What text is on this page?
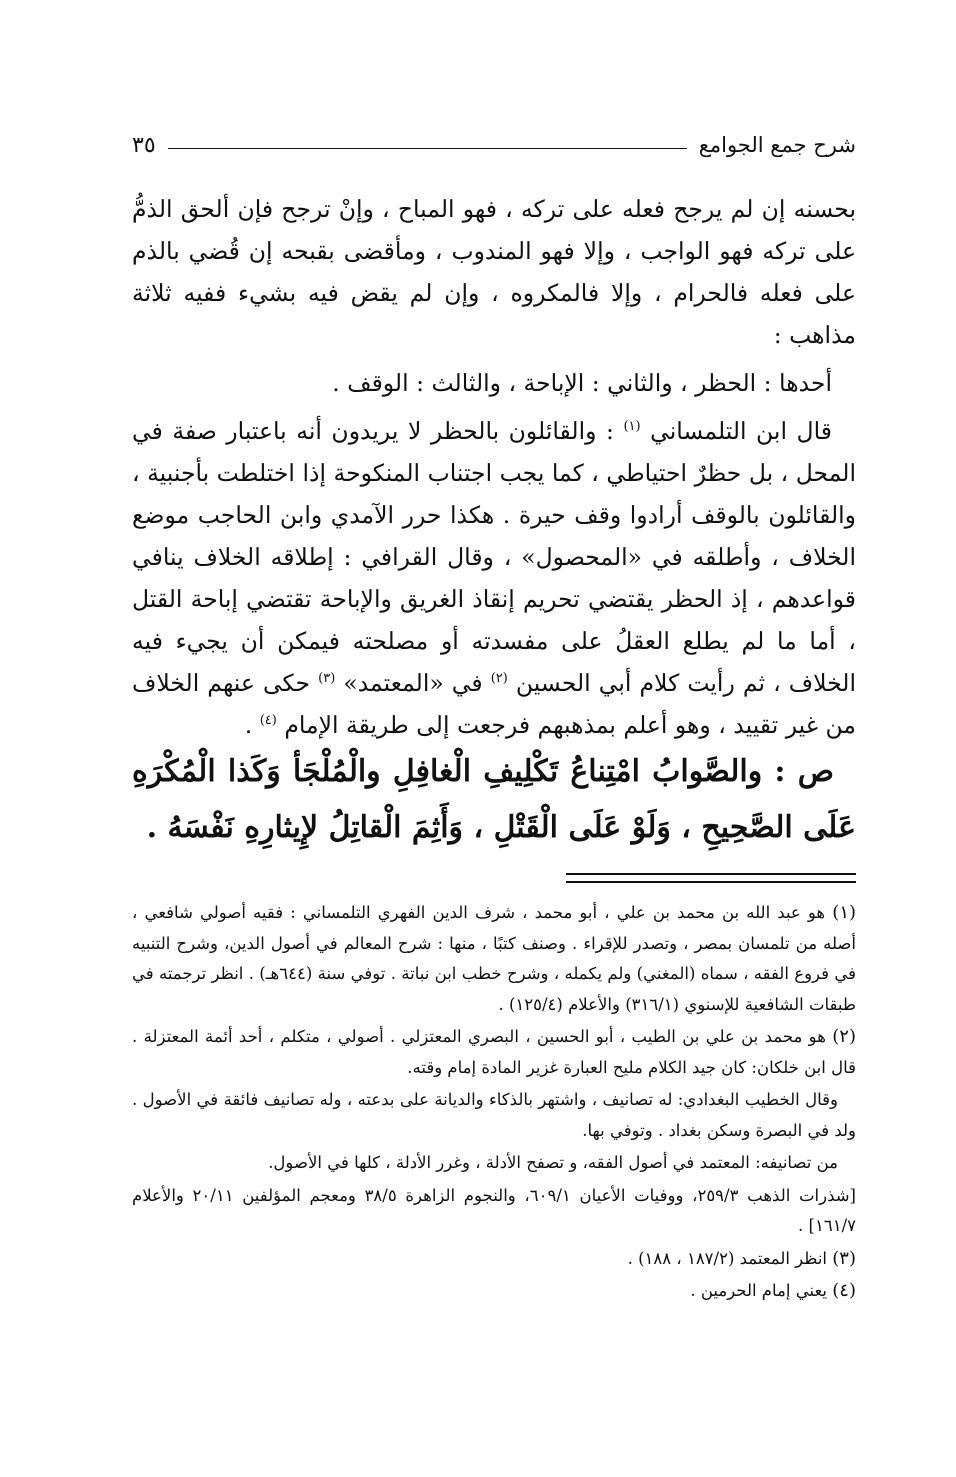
شرح جمع الجوامع
٣٥

بحسنه إن لم يرجح فعله على تركه ، فهو المباح ، وإنْ ترجح فإن ألحق الذمُّ على تركه فهو الواجب ، وإلا فهو المندوب ، ومأقضى بقبحه إن قُضي بالذم على فعله فالحرام ، وإلا فالمكروه ، وإن لم يقض فيه بشيء ففيه ثلاثة مذاهب :

أحدها : الحظر ، والثاني : الإباحة ، والثالث : الوقف .

قال ابن التلمساني $^{(١)}$ : والقائلون بالحظر لا يريدون أنه باعتبار صفة في المحل ، بل حظرٌ احتياطي ، كما يجب اجتناب المنكوحة إذا اختلطت بأجنبية ، والقائلون بالوقف أرادوا وقف حيرة . هكذا حرر الآمدي وابن الحاجب موضع الخلاف ، وأطلقه في «المحصول» ، وقال القرافي : إطلاقه الخلاف ينافي قواعدهم ، إذ الحظر يقتضي تحريم إنقاذ الغريق والإباحة تقتضي إباحة القتل ، أما ما لم يطلع العقلُ على مفسدته أو مصلحته فيمكن أن يجيء فيه الخلاف ، ثم رأيت كلام أبي الحسين $^{(٢)}$ في «المعتمد» $^{(٣)}$ حكى عنهم الخلاف من غير تقييد ، وهو أعلم بمذهبهم فرجعت إلى طريقة الإمام $^{(٤)}$ .

ص : والصَّوابُ امْتِناعُ تَكْلِيفِ الْغافِلِ والْمُلْجَأ وَكَذا الْمُكْرَهِ عَلَى الصَّحِيحِ ، وَلَوْ عَلَى الْقَتْلِ ، وَأَثِمَ الْقاتِلُ لإِيثارِهِ نَفْسَهُ .

(١) هو عبد الله بن محمد بن علي ، أبو محمد ، شرف الدين الفهري التلمساني : فقيه أصولي شافعي ، أصله من تلمسان بمصر ، وتصدر للإقراء . وصنف كتبًا ، منها : شرح المعالم في أصول الدين، وشرح التنبيه في فروع الفقه ، سماه (المغني) ولم يكمله ، وشرح خطب ابن نباتة . توفي سنة (٦٤٤هـ) . انظر ترجمته في طبقات الشافعية للإسنوي (٣١٦/١) والأعلام (١٢٥/٤) .

(٢) هو محمد بن علي بن الطيب ، أبو الحسين ، البصري المعتزلي . أصولي ، متكلم ، أحد أئمة المعتزلة . قال ابن خلكان: كان جيد الكلام مليح العبارة غزير المادة إمام وقته.

وقال الخطيب البغدادي: له تصانيف ، واشتهر بالذكاء والديانة على بدعته ، وله تصانيف فائقة في الأصول . ولد في البصرة وسكن بغداد . وتوفي بها.

من تصانيفه: المعتمد في أصول الفقه، و تصفح الأدلة ، وغرر الأدلة ، كلها في الأصول.

[شذرات الذهب ٢٥٩/٣، ووفيات الأعيان ٦٠٩/١، والنجوم الزاهرة ٣٨/٥ ومعجم المؤلفين ٢٠/١١ والأعلام ١٦١/٧] .

(٣) انظر المعتمد (١٨٧/٢ ، ١٨٨) .

(٤) يعني إمام الحرمين .
